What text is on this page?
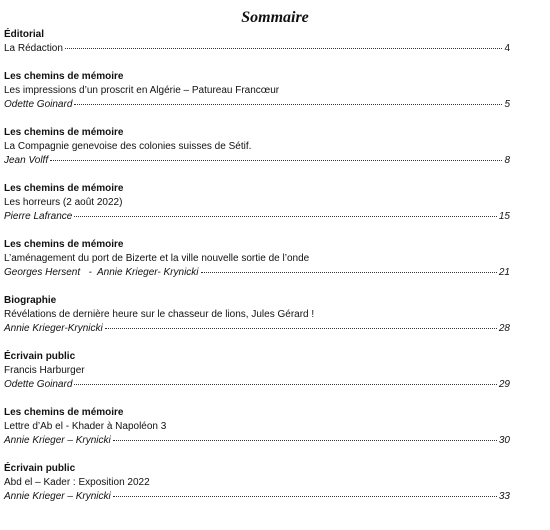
Sommaire
Éditorial
La Rédaction	4
Les chemins de mémoire
Les impressions d’un proscrit en Algérie – Patureau Francœur
Odette Goinard	5
Les chemins de mémoire
La Compagnie genevoise des colonies suisses de Sétif.
Jean Volff	8
Les chemins de mémoire
Les horreurs (2 août 2022)
Pierre Lafrance	15
Les chemins de mémoire
L’aménagement du port de Bizerte et la ville nouvelle sortie de l’onde
Georges Hersent   -  Annie Krieger- Krynicki	21
Biographie
Révélations de dernière heure sur le chasseur de lions, Jules Gérard !
Annie Krieger-Krynicki	28
Écrivain public
Francis Harburger
Odette Goinard	29
Les chemins de mémoire
Lettre d’Ab el - Khader à Napoléon 3
Annie Krieger – Krynicki	30
Écrivain public
Abd el – Kader : Exposition 2022
Annie Krieger – Krynicki	33
